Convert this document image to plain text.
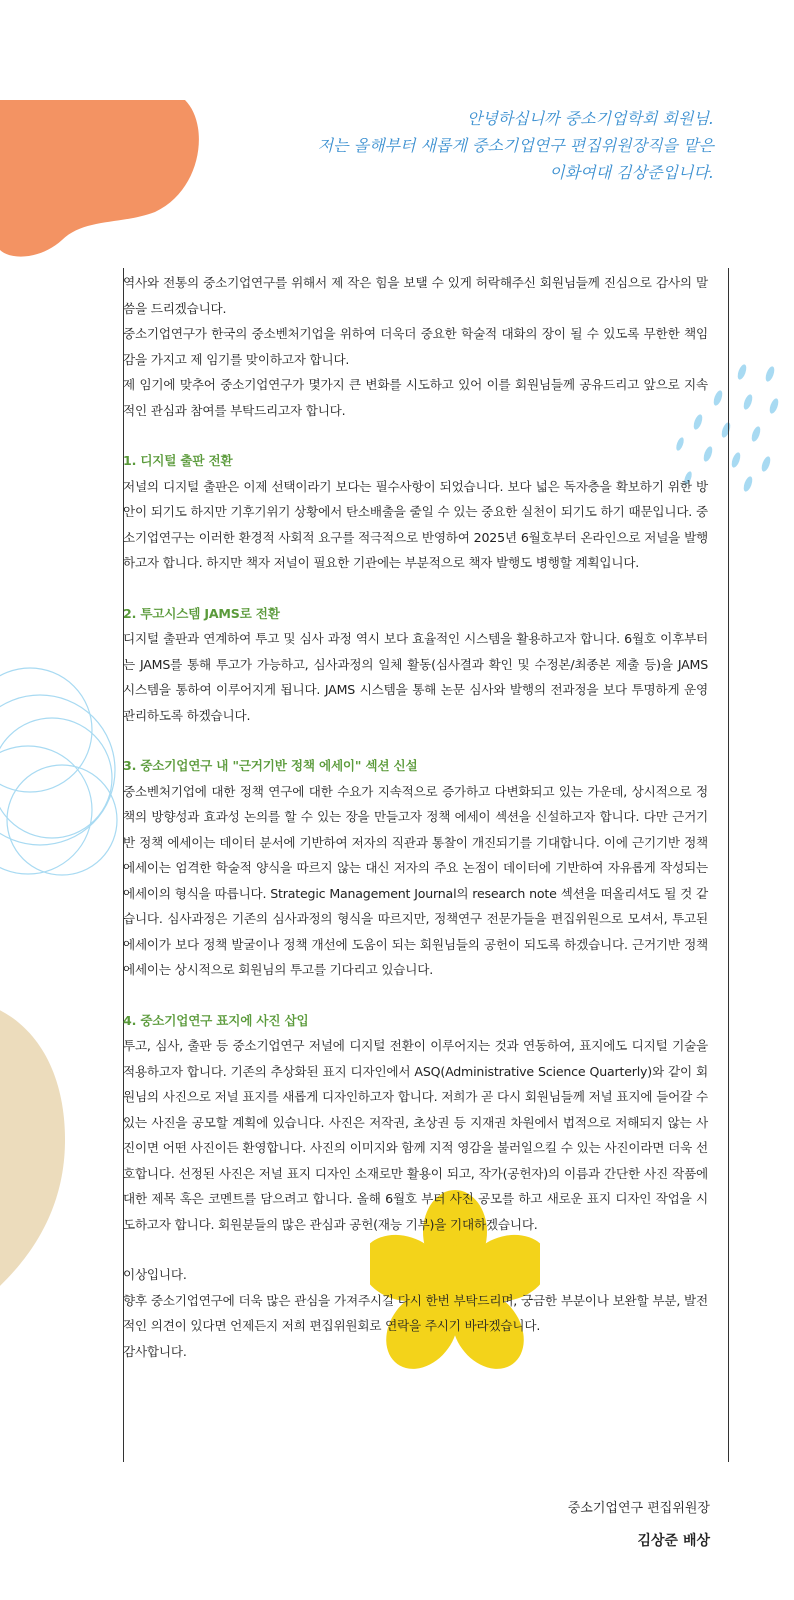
안녕하십니까 중소기업학회 회원님.
저는 올해부터 새롭게 중소기업연구 편집위원장직을 맡은
이화여대 김상준입니다.

역사와 전통의 중소기업연구를 위해서 제 작은 힘을 보탤 수 있게 허락해주신 회원님들께 진심으로 감사의 말씀을 드리겠습니다.

중소기업연구가 한국의 중소벤처기업을 위하여 더욱더 중요한 학술적 대화의 장이 될 수 있도록 무한한 책임감을 가지고 제 임기를 맞이하고자 합니다.

제 임기에 맞추어 중소기업연구가 몇가지 큰 변화를 시도하고 있어 이를 회원님들께 공유드리고 앞으로 지속적인 관심과 참여를 부탁드리고자 합니다.

1. 디지털 출판 전환

저널의 디지털 출판은 이제 선택이라기 보다는 필수사항이 되었습니다. 보다 넓은 독자층을 확보하기 위한 방안이 되기도 하지만 기후기위기 상황에서 탄소배출을 줄일 수 있는 중요한 실천이 되기도 하기 때문입니다. 중소기업연구는 이러한 환경적 사회적 요구를 적극적으로 반영하여 2025년 6월호부터 온라인으로 저널을 발행하고자 합니다. 하지만 책자 저널이 필요한 기관에는 부분적으로 책자 발행도 병행할 계획입니다.

2. 투고시스템 JAMS로 전환

디지털 출판과 연계하여 투고 및 심사 과정 역시 보다 효율적인 시스템을 활용하고자 합니다. 6월호 이후부터는 JAMS를 통해 투고가 가능하고, 심사과정의 일체 활동(심사결과 확인 및 수정본/최종본 제출 등)을 JAMS 시스템을 통하여 이루어지게 됩니다. JAMS 시스템을 통해 논문 심사와 발행의 전과정을 보다 투명하게 운영 관리하도록 하겠습니다.

3. 중소기업연구 내 "근거기반 정책 에세이" 섹션 신설

중소벤처기업에 대한 정책 연구에 대한 수요가 지속적으로 증가하고 다변화되고 있는 가운데, 상시적으로 정책의 방향성과 효과성 논의를 할 수 있는 장을 만들고자 정책 에세이 섹션을 신설하고자 합니다. 다만 근거기반 정책 에세이는 데이터 분서에 기반하여 저자의 직관과 통찰이 개진되기를 기대합니다. 이에 근기기반 정책 에세이는 엄격한 학술적 양식을 따르지 않는 대신 저자의 주요 논점이 데이터에 기반하여 자유롭게 작성되는 에세이의 형식을 따릅니다. Strategic Management Journal의 research note 섹션을 떠올리셔도 될 것 같습니다. 심사과정은 기존의 심사과정의 형식을 따르지만, 정책연구 전문가들을 편집위원으로 모셔서, 투고된 에세이가 보다 정책 발굴이나 정책 개선에 도움이 되는 회원님들의 공헌이 되도록 하겠습니다. 근거기반 정책에세이는 상시적으로 회원님의 투고를 기다리고 있습니다.

4. 중소기업연구 표지에 사진 삽입

투고, 심사, 출판 등 중소기업연구 저널에 디지털 전환이 이루어지는 것과 연동하여, 표지에도 디지털 기술을 적용하고자 합니다. 기존의 추상화된 표지 디자인에서 ASQ(Administrative Science Quarterly)와 같이 회원님의 사진으로 저널 표지를 새롭게 디자인하고자 합니다. 저희가 곧 다시 회원님들께 저널 표지에 들어갈 수 있는 사진을 공모할 계획에 있습니다. 사진은 저작권, 초상권 등 지재권 차원에서 법적으로 저해되지 않는 사진이면 어떤 사진이든 환영합니다. 사진의 이미지와 함께 지적 영감을 불러일으킬 수 있는 사진이라면 더욱 선호합니다. 선정된 사진은 저널 표지 디자인 소재로만 활용이 되고, 작가(공헌자)의 이름과 간단한 사진 작품에 대한 제목 혹은 코멘트를 담으려고 합니다. 올해 6월호 부터 사진 공모를 하고 새로운 표지 디자인 작업을 시도하고자 합니다. 회원분들의 많은 관심과 공헌(재능 기부)을 기대하겠습니다.

이상입니다.

향후 중소기업연구에 더욱 많은 관심을 가져주시길 다시 한번 부탁드리며, 궁금한 부분이나 보완할 부분, 발전적인 의견이 있다면 언제든지 저희 편집위원회로 연락을 주시기 바라겠습니다.

감사합니다.

중소기업연구 편집위원장
김상준 배상
